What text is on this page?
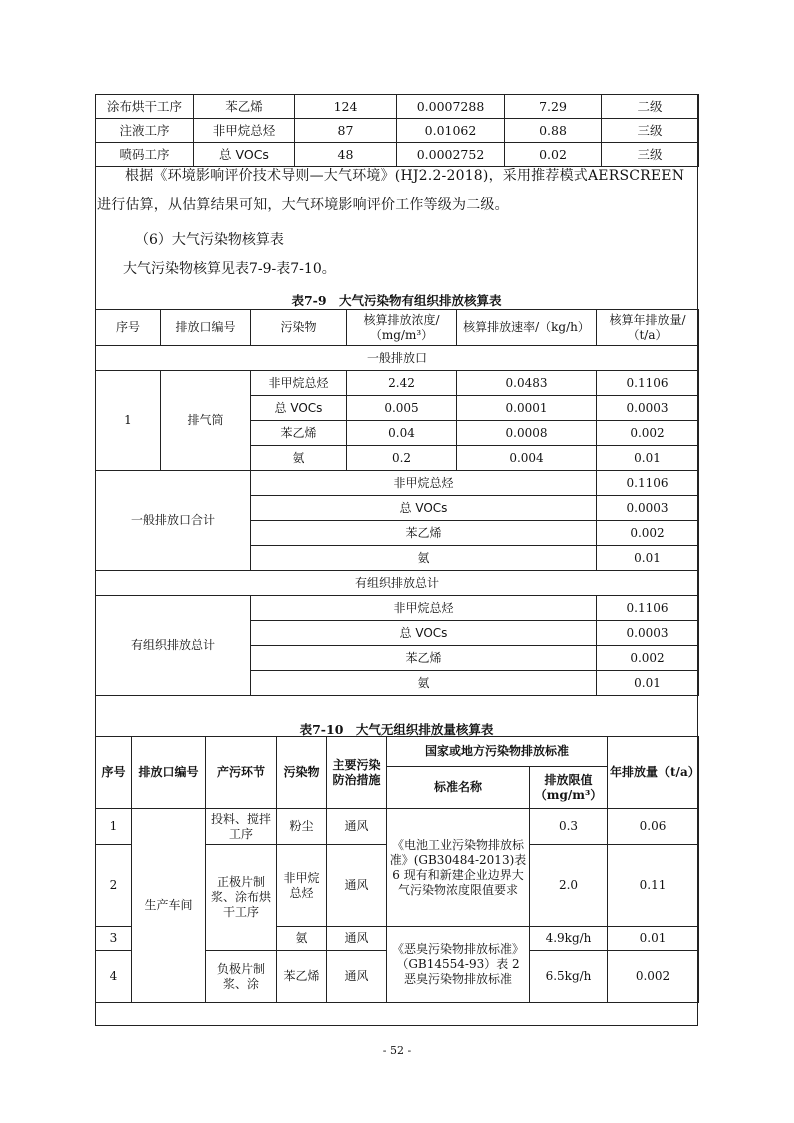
涂布烘干工序	苯乙烯	124	0.0007288	7.29	二级
注液工序	非甲烷总烃	87	0.01062	0.88	三级
喷码工序	总 VOCs	48	0.0002752	0.02	三级
根据《环境影响评价技术导则—大气环境》(HJ2.2-2018)，采用推荐模式AERSCREEN进行估算，从估算结果可知，大气环境影响评价工作等级为二级。
（6）大气污染物核算表
大气污染物核算见表7-9-表7-10。
表7-9　大气污染物有组织排放核算表
序号	排放口编号	污染物	核算排放浓度/（mg/m³）	核算排放速率/（kg/h）	核算年排放量/（t/a）
一般排放口					
1	排气筒	非甲烷总烃	2.42	0.0483	0.1106
		总 VOCs	0.005	0.0001	0.0003
		苯乙烯	0.04	0.0008	0.002
		氨	0.2	0.004	0.01
一般排放口合计		非甲烷总烃			0.1106
		总 VOCs			0.0003
		苯乙烯			0.002
		氨			0.01
有组织排放总计					
有组织排放总计		非甲烷总烃			0.1106
		总 VOCs			0.0003
		苯乙烯			0.002
		氨			0.01
表7-10　大气无组织排放量核算表
序号	排放口编号	产污环节	污染物	主要污染防治措施	国家或地方污染物排放标准		年排放量（t/a）
					标准名称	排放限值（mg/m³）	
1	生产车间	投料、搅拌工序	粉尘	通风	《电池工业污染物排放标准》(GB30484-2013)表 6 现有和新建企业边界大气污染物浓度限值要求	0.3	0.06
2		正极片制浆、涂布烘干工序	非甲烷总烃	通风		2.0	0.11
3			氨	通风	《恶臭污染物排放标准》（GB14554-93）表 2 恶臭污染物排放标准	4.9kg/h	0.01
4		负极片制浆、涂	苯乙烯	通风		6.5kg/h	0.002
- 52 -
